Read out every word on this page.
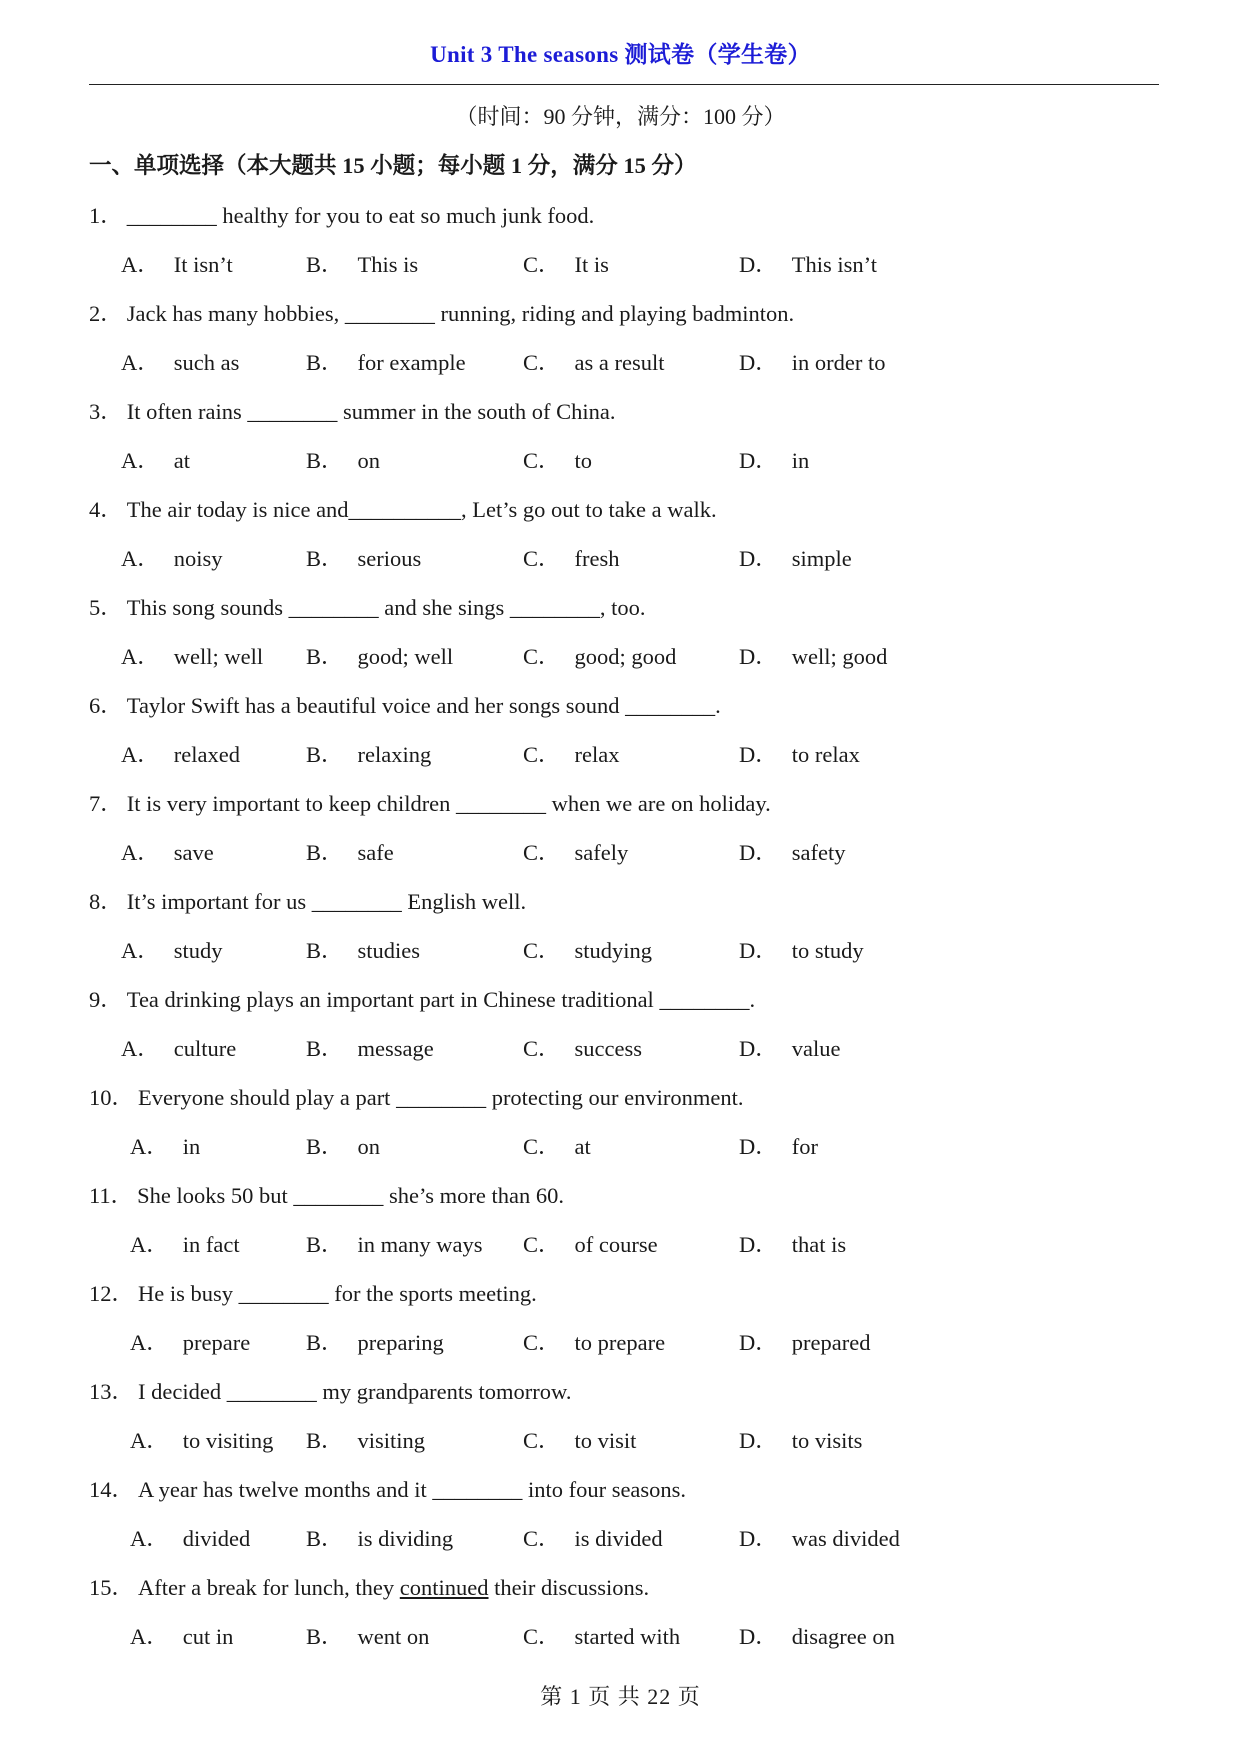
Unit 3 The seasons 测试卷（学生卷）
（时间：90 分钟，满分：100 分）
一、单项选择（本大题共 15 小题；每小题 1 分，满分 15 分）
1． ________ healthy for you to eat so much junk food.
A． It isn’t	B． This is	C． It is	D． This isn’t
2． Jack has many hobbies, ________ running, riding and playing badminton.
A． such as	B． for example	C． as a result	D． in order to
3． It often rains ________ summer in the south of China.
A． at	B． on	C． to	D． in
4． The air today is nice and__________, Let’s go out to take a walk.
A． noisy	B． serious	C． fresh	D． simple
5． This song sounds ________ and she sings ________, too.
A． well; well B． good; well	C． good; good	D． well; good
6． Taylor Swift has a beautiful voice and her songs sound ________.
A． relaxed	B． relaxing	C． relax	D． to relax
7． It is very important to keep children ________ when we are on holiday.
A． save	B． safe	C． safely	D． safety
8． It’s important for us ________ English well.
A． study	B． studies	C． studying	D． to study
9． Tea drinking plays an important part in Chinese traditional ________.
A． culture	B． message	C． success	D． value
10． Everyone should play a part ________ protecting our environment.
A． in	B． on	C． at	D． for
11． She looks 50 but ________ she’s more than 60.
A． in fact	B． in many ways C． of course	D． that is
12． He is busy ________ for the sports meeting.
A． prepare B． preparing	C． to prepare	D． prepared
13． I decided ________ my grandparents tomorrow.
A． to visiting B． visiting	C． to visit	D． to visits
14． A year has twelve months and it ________ into four seasons.
A． divided B． is dividing	C． is divided	D． was divided
15． After a break for lunch, they continued their discussions.
A． cut in	B． went on	C． started with	D． disagree on
第 1 页 共 22 页
